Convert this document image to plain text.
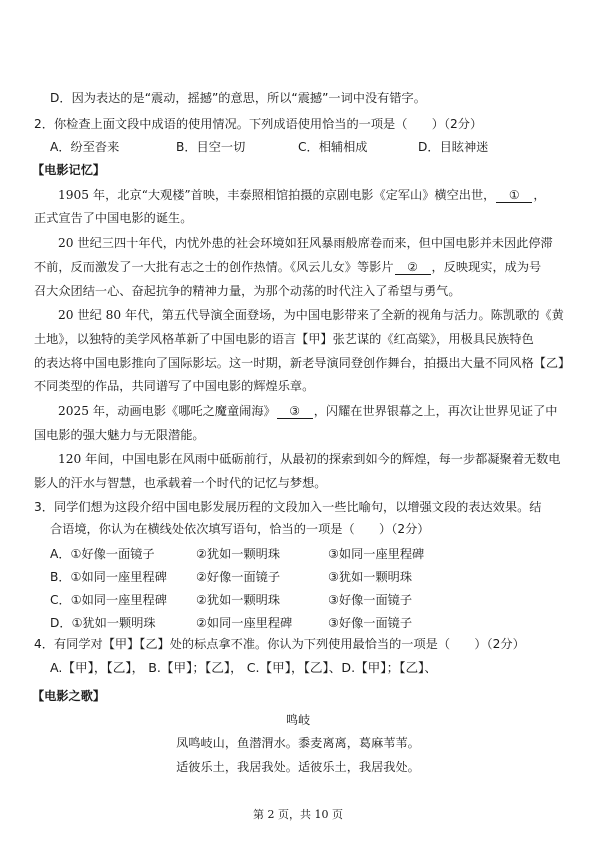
D．因为表达的是“震动，摇撼”的意思，所以“震撼”一词中没有错字。
2．你检查上面文段中成语的使用情况。下列成语使用恰当的一项是（　　）（2分）
A．纷至沓来	B．目空一切	C．相辅相成	D．目眩神迷
【电影记忆】
1905 年，北京“大观楼”首映，丰泰照相馆拍摄的京剧电影《定军山》横空出世， ① ，
正式宣告了中国电影的诞生。
20 世纪三四十年代，内忧外患的社会环境如狂风暴雨般席卷而来，但中国电影并未因此停滞
不前，反而激发了一大批有志之士的创作热情。《风云儿女》等影片 ② ，反映现实，成为号
召大众团结一心、奋起抗争的精神力量，为那个动荡的时代注入了希望与勇气。
20 世纪 80 年代，第五代导演全面登场，为中国电影带来了全新的视角与活力。陈凯歌的《黄
土地》，以独特的美学风格革新了中国电影的语言【甲】张艺谋的《红高粱》，用极具民族特色
的表达将中国电影推向了国际影坛。这一时期，新老导演同登创作舞台，拍摄出大量不同风格【乙】
不同类型的作品，共同谱写了中国电影的辉煌乐章。
2025 年，动画电影《哪吒之魔童闹海》 ③ ，闪耀在世界银幕之上，再次让世界见证了中
国电影的强大魅力与无限潜能。
120 年间，中国电影在风雨中砥砺前行，从最初的探索到如今的辉煌，每一步都凝聚着无数电
影人的汗水与智慧，也承载着一个时代的记忆与梦想。
3．同学们想为这段介绍中国电影发展历程的文段加入一些比喻句，以增强文段的表达效果。结
合语境，你认为在横线处依次填写语句，恰当的一项是（　　）（2分）
A．①好像一面镜子	②犹如一颗明珠	③如同一座里程碑
B．①如同一座里程碑 ②好像一面镜子	③犹如一颗明珠
C．①如同一座里程碑 ②犹如一颗明珠	③好像一面镜子
D．①犹如一颗明珠	②如同一座里程碑	③好像一面镜子
4．有同学对【甲】【乙】处的标点拿不准。你认为下列使用最恰当的一项是（　　）（2分）
A.【甲】，【乙】， B.【甲】；【乙】， C.【甲】，【乙】、D.【甲】；【乙】、
【电影之歌】
鸣岐
凤鸣岐山，鱼潜渭水。黍麦离离，葛麻苇苇。
适彼乐土，我居我处。适彼乐土，我居我处。
第 2 页，共 10 页
